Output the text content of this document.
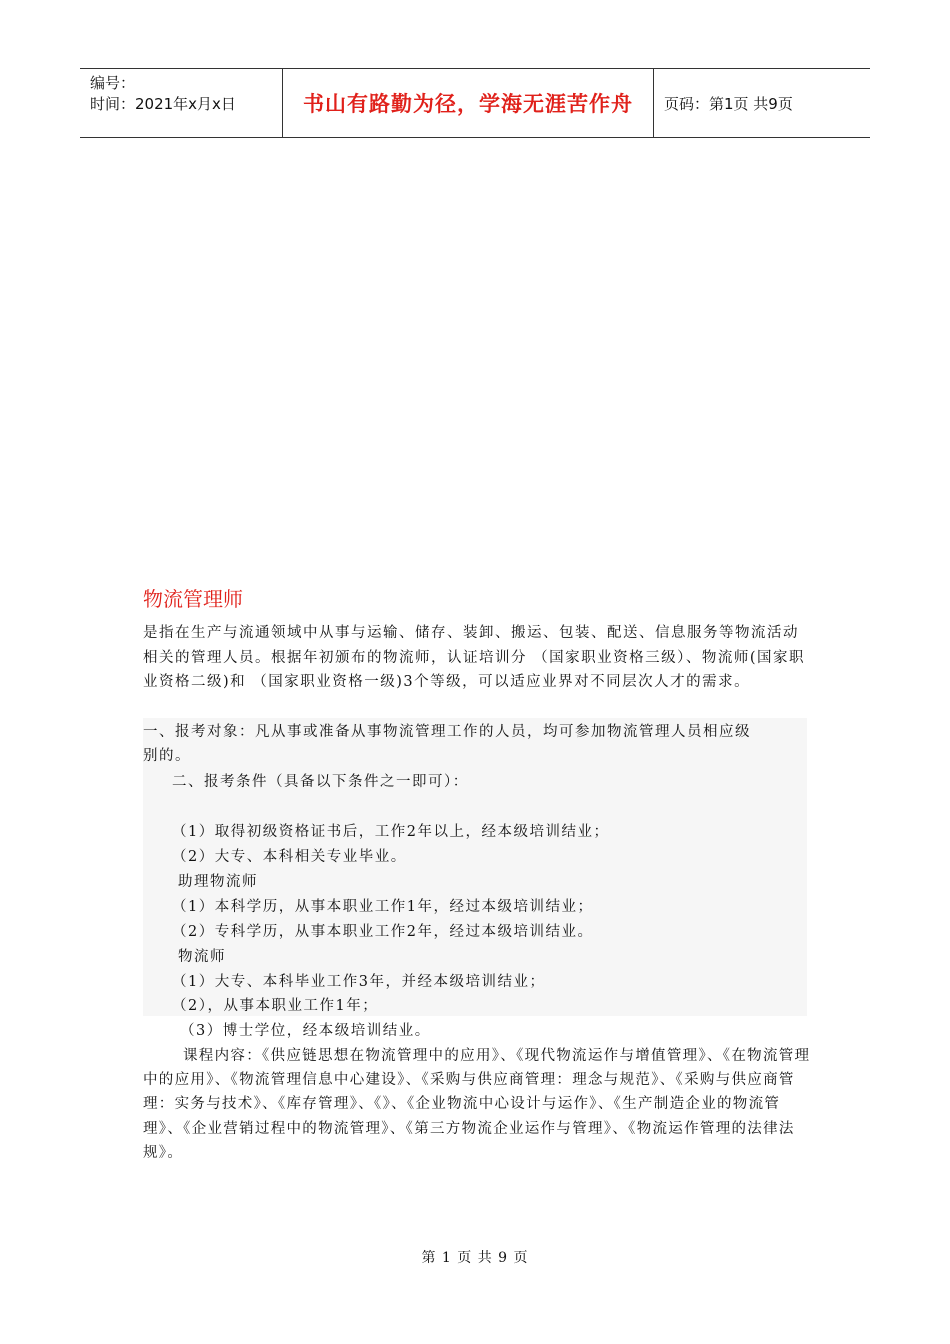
编号：
时间：2021年x月x日	书山有路勤为径，学海无涯苦作舟	页码：第1页 共9页
物流管理师
是指在生产与流通领域中从事与运输、储存、装卸、搬运、包装、配送、信息服务等物流活动相关的管理人员。根据年初颁布的物流师，认证培训分 （国家职业资格三级）、物流师(国家职业资格二级)和 （国家职业资格一级)3个等级，可以适应业界对不同层次人才的需求。
一、报考对象：凡从事或准备从事物流管理工作的人员，均可参加物流管理人员相应级
别的。
二、报考条件（具备以下条件之一即可）：
（1）取得初级资格证书后，工作2年以上，经本级培训结业；
（2）大专、本科相关专业毕业。
助理物流师
（1）本科学历，从事本职业工作1年，经过本级培训结业；
（2）专科学历，从事本职业工作2年，经过本级培训结业。
物流师
（1）大专、本科毕业工作3年，并经本级培训结业；
（2），从事本职业工作1年；
（3）博士学位，经本级培训结业。
课程内容：《供应链思想在物流管理中的应用》、《现代物流运作与增值管理》、《在物流管理中的应用》、《物流管理信息中心建设》、《采购与供应商管理：理念与规范》、《采购与供应商管理：实务与技术》、《库存管理》、《》、《企业物流中心设计与运作》、《生产制造企业的物流管理》、《企业营销过程中的物流管理》、《第三方物流企业运作与管理》、《物流运作管理的法律法规》。
第 1 页 共 9 页
